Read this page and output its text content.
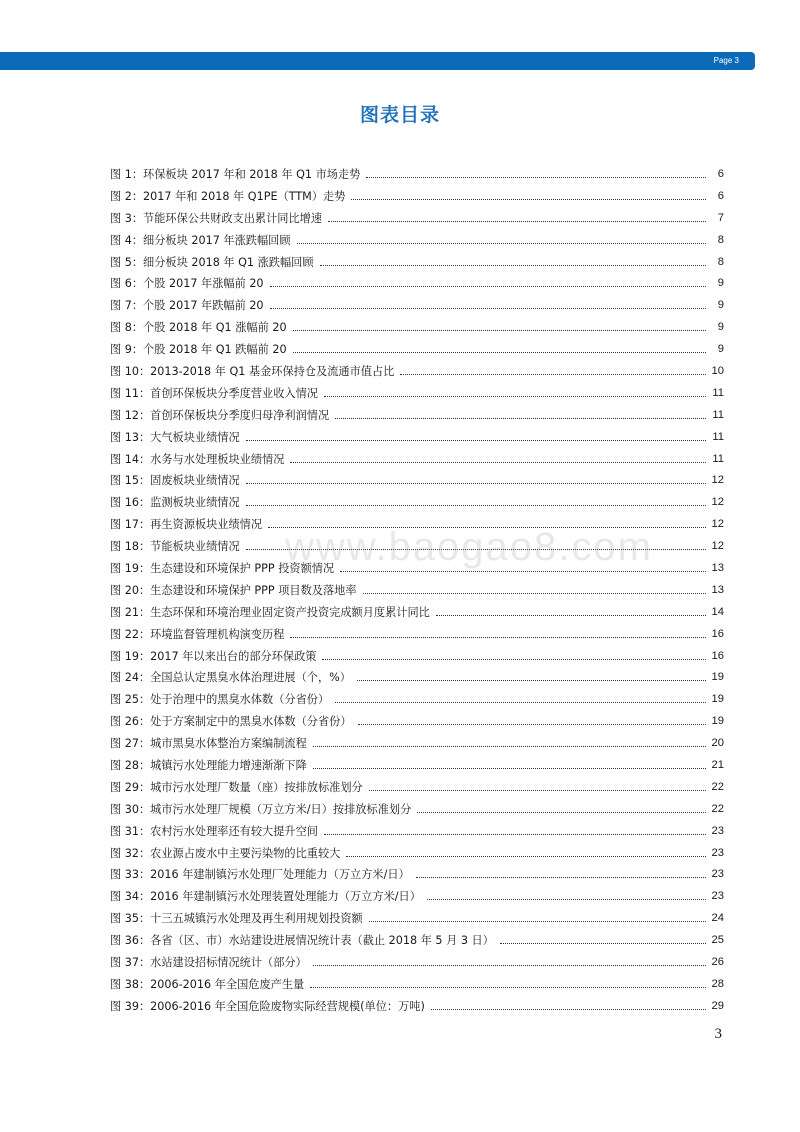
Page 3
图表目录
图 1：环保板块 2017 年和 2018 年 Q1 市场走势	6
图 2：2017 年和 2018 年 Q1PE（TTM）走势	6
图 3：节能环保公共财政支出累计同比增速	7
图 4：细分板块 2017 年涨跌幅回顾	8
图 5：细分板块 2018 年 Q1 涨跌幅回顾	8
图 6：个股 2017 年涨幅前 20	9
图 7：个股 2017 年跌幅前 20	9
图 8：个股 2018 年 Q1 涨幅前 20	9
图 9：个股 2018 年 Q1 跌幅前 20	9
图 10：2013-2018 年 Q1 基金环保持仓及流通市值占比	10
图 11：首创环保板块分季度营业收入情况	11
图 12：首创环保板块分季度归母净利润情况	11
图 13：大气板块业绩情况	11
图 14：水务与水处理板块业绩情况	11
图 15：固废板块业绩情况	12
图 16：监测板块业绩情况	12
图 17：再生资源板块业绩情况	12
图 18：节能板块业绩情况	12
图 19：生态建设和环境保护 PPP 投资额情况	13
图 20：生态建设和环境保护 PPP 项目数及落地率	13
图 21：生态环保和环境治理业固定资产投资完成额月度累计同比	14
图 22：环境监督管理机构演变历程	16
图 19：2017 年以来出台的部分环保政策	16
图 24：全国总认定黑臭水体治理进展（个，%）	19
图 25：处于治理中的黑臭水体数（分省份）	19
图 26：处于方案制定中的黑臭水体数（分省份）	19
图 27：城市黑臭水体整治方案编制流程	20
图 28：城镇污水处理能力增速渐渐下降	21
图 29：城市污水处理厂数量（座）按排放标准划分	22
图 30：城市污水处理厂规模（万立方米/日）按排放标准划分	22
图 31：农村污水处理率还有较大提升空间	23
图 32：农业源占废水中主要污染物的比重较大	23
图 33：2016 年建制镇污水处理厂处理能力（万立方米/日）	23
图 34：2016 年建制镇污水处理装置处理能力（万立方米/日）	23
图 35：十三五城镇污水处理及再生利用规划投资额	24
图 36：各省（区、市）水站建设进展情况统计表（截止 2018 年 5 月 3 日）	25
图 37：水站建设招标情况统计（部分）	26
图 38：2006-2016 年全国危废产生量	28
图 39：2006-2016 年全国危险废物实际经营规模(单位：万吨)	29
www.baogao8.com
3
